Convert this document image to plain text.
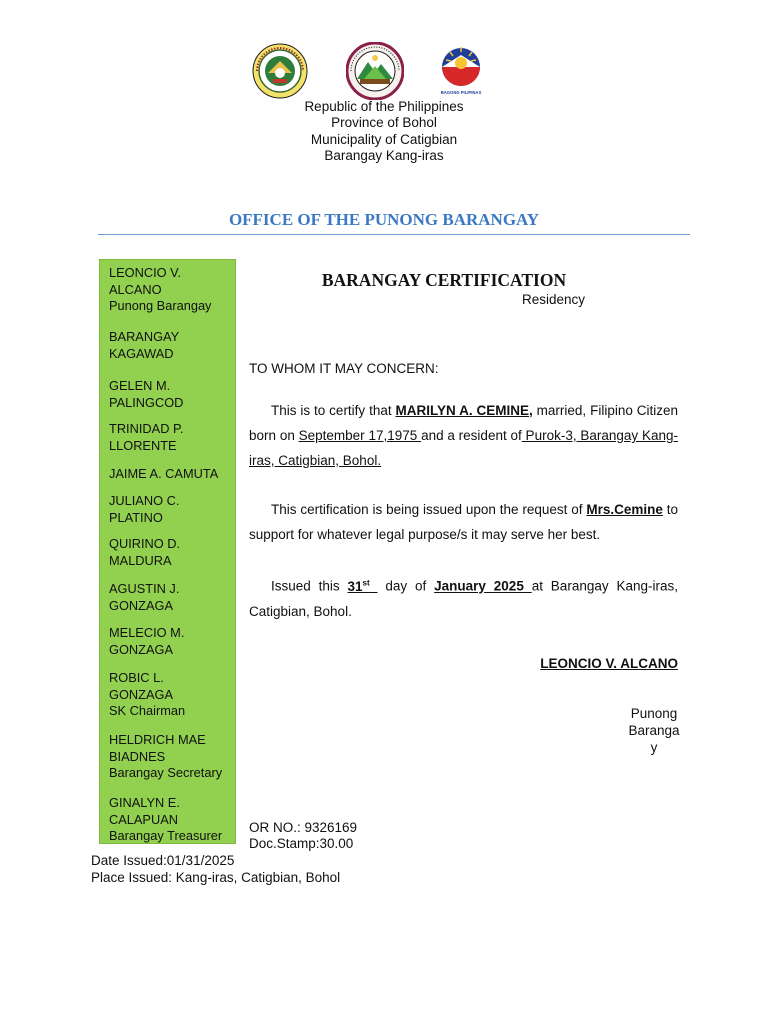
BAGONG PILIPINAS
Republic of the Philippines
Province of Bohol
Municipality of Catigbian
Barangay Kang-iras
OFFICE OF THE PUNONG BARANGAY
LEONCIO V. ALCANO
Punong Barangay
BARANGAY KAGAWAD
GELEN M. PALINGCOD
TRINIDAD P. LLORENTE
JAIME A. CAMUTA
JULIANO C. PLATINO
QUIRINO D. MALDURA
AGUSTIN J. GONZAGA
MELECIO M. GONZAGA
ROBIC L. GONZAGA
SK Chairman
HELDRICH MAE BIADNES
Barangay Secretary
GINALYN E. CALAPUAN
Barangay Treasurer
BARANGAY CERTIFICATION
Residency
TO WHOM IT MAY CONCERN:
This is to certify that MARILYN A. CEMINE, married, Filipino Citizen born on September 17,1975 and a resident of Purok-3, Barangay Kang-iras, Catigbian, Bohol.
This certification is being issued upon the request of Mrs.Cemine to support for whatever legal purpose/s it may serve her best.
Issued this 31st  day of January 2025 at Barangay Kang-iras, Catigbian, Bohol.
LEONCIO V. ALCANO
Punong Barangay
OR NO.: 9326169
Doc.Stamp:30.00
Date Issued:01/31/2025
Place Issued: Kang-iras, Catigbian, Bohol
